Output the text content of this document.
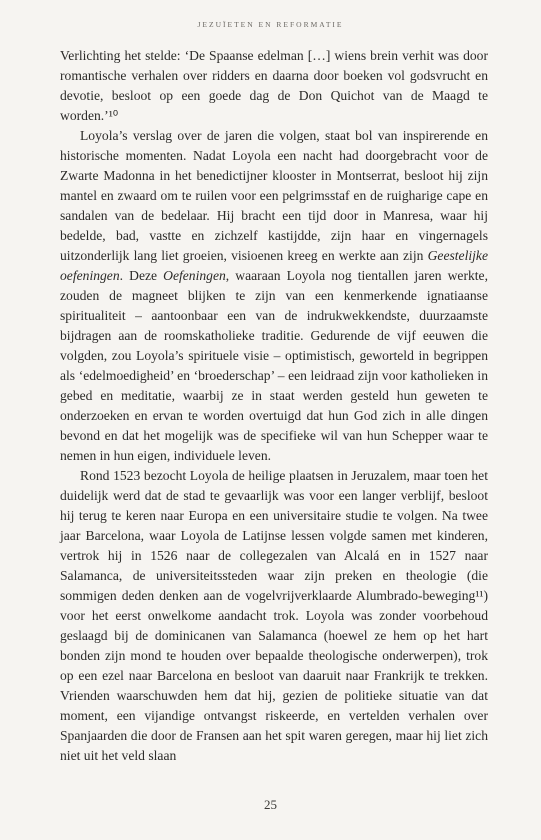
JEZUÏETEN EN REFORMATIE

Verlichting het stelde: ‘De Spaanse edelman […] wiens brein verhit was door romantische verhalen over ridders en daarna door boeken vol godsvrucht en devotie, besloot op een goede dag de Don Quichot van de Maagd te worden.’¹⁰

Loyola’s verslag over de jaren die volgen, staat bol van inspirerende en historische momenten. Nadat Loyola een nacht had doorgebracht voor de Zwarte Madonna in het benedictijner klooster in Montserrat, besloot hij zijn mantel en zwaard om te ruilen voor een pelgrimsstaf en de ruigharige cape en sandalen van de bedelaar. Hij bracht een tijd door in Manresa, waar hij bedelde, bad, vastte en zichzelf kastijdde, zijn haar en vingernagels uitzonderlijk lang liet groeien, visioenen kreeg en werkte aan zijn Geestelijke oefeningen. Deze Oefeningen, waaraan Loyola nog tientallen jaren werkte, zouden de magneet blijken te zijn van een kenmerkende ignatiaanse spiritualiteit – aantoonbaar een van de indrukwekkendste, duurzaamste bijdragen aan de roomskatholieke traditie. Gedurende de vijf eeuwen die volgden, zou Loyola’s spirituele visie – optimistisch, geworteld in begrippen als ‘edelmoedigheid’ en ‘broederschap’ – een leidraad zijn voor katholieken in gebed en meditatie, waarbij ze in staat werden gesteld hun geweten te onderzoeken en ervan te worden overtuigd dat hun God zich in alle dingen bevond en dat het mogelijk was de specifieke wil van hun Schepper waar te nemen in hun eigen, individuele leven.

Rond 1523 bezocht Loyola de heilige plaatsen in Jeruzalem, maar toen het duidelijk werd dat de stad te gevaarlijk was voor een langer verblijf, besloot hij terug te keren naar Europa en een universitaire studie te volgen. Na twee jaar Barcelona, waar Loyola de Latijnse lessen volgde samen met kinderen, vertrok hij in 1526 naar de collegezalen van Alcalá en in 1527 naar Salamanca, de universiteitssteden waar zijn preken en theologie (die sommigen deden denken aan de vogelvrijverklaarde Alumbrado-beweging¹¹) voor het eerst onwelkome aandacht trok. Loyola was zonder voorbehoud geslaagd bij de dominicanen van Salamanca (hoewel ze hem op het hart bonden zijn mond te houden over bepaalde theologische onderwerpen), trok op een ezel naar Barcelona en besloot van daaruit naar Frankrijk te trekken. Vrienden waarschuwden hem dat hij, gezien de politieke situatie van dat moment, een vijandige ontvangst riskeerde, en vertelden verhalen over Spanjaarden die door de Fransen aan het spit waren geregen, maar hij liet zich niet uit het veld slaan

25
